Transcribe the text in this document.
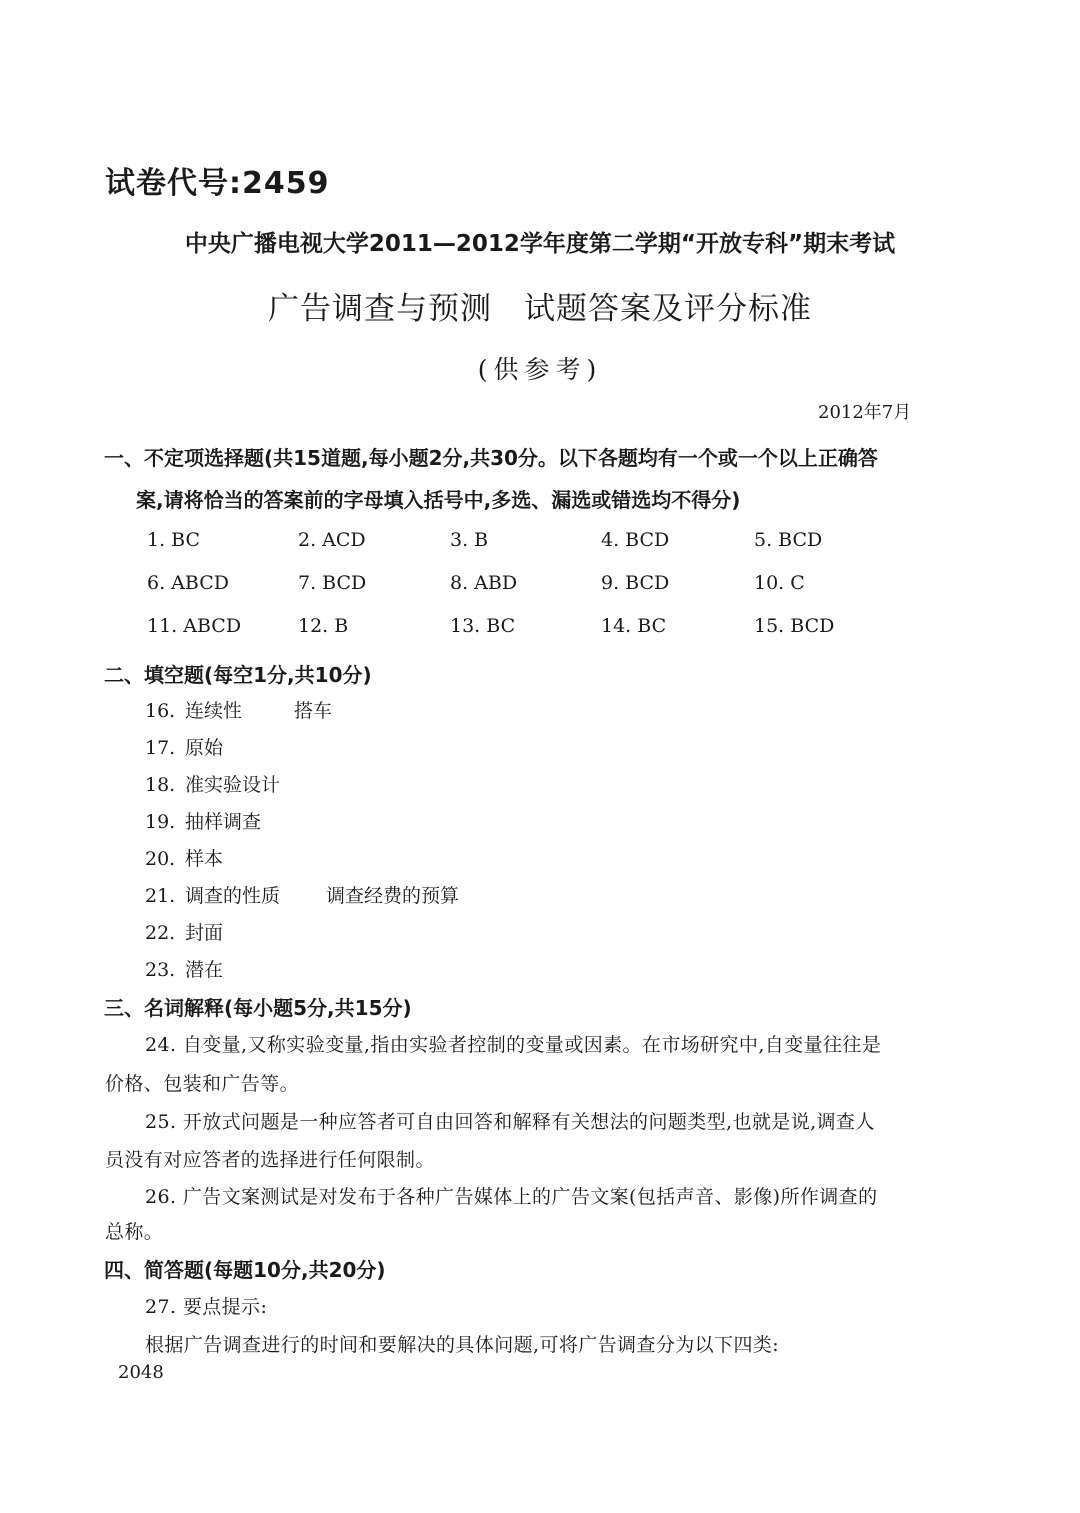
试卷代号:2459
中央广播电视大学2011—2012学年度第二学期“开放专科”期末考试
广告调查与预测　试题答案及评分标准
(供参考)
2012年7月
一、不定项选择题(共15道题,每小题2分,共30分。以下各题均有一个或一个以上正确答
案,请将恰当的答案前的字母填入括号中,多选、漏选或错选均不得分)
1. BC	2. ACD	3. B	4. BCD	5. BCD
6. ABCD	7. BCD	8. ABD	9. BCD	10. C
11. ABCD	12. B	13. BC	14. BC	15. BCD
二、填空题(每空1分,共10分)
16. 连续性	搭车
17. 原始
18. 准实验设计
19. 抽样调查
20. 样本
21. 调查的性质 调查经费的预算
22. 封面
23. 潜在
三、名词解释(每小题5分,共15分)
24. 自变量,又称实验变量,指由实验者控制的变量或因素。在市场研究中,自变量往往是
价格、包装和广告等。
25. 开放式问题是一种应答者可自由回答和解释有关想法的问题类型,也就是说,调查人
员没有对应答者的选择进行任何限制。
26. 广告文案测试是对发布于各种广告媒体上的广告文案(包括声音、影像)所作调查的
总称。
四、简答题(每题10分,共20分)
27. 要点提示:
根据广告调查进行的时间和要解决的具体问题,可将广告调查分为以下四类:
2048
